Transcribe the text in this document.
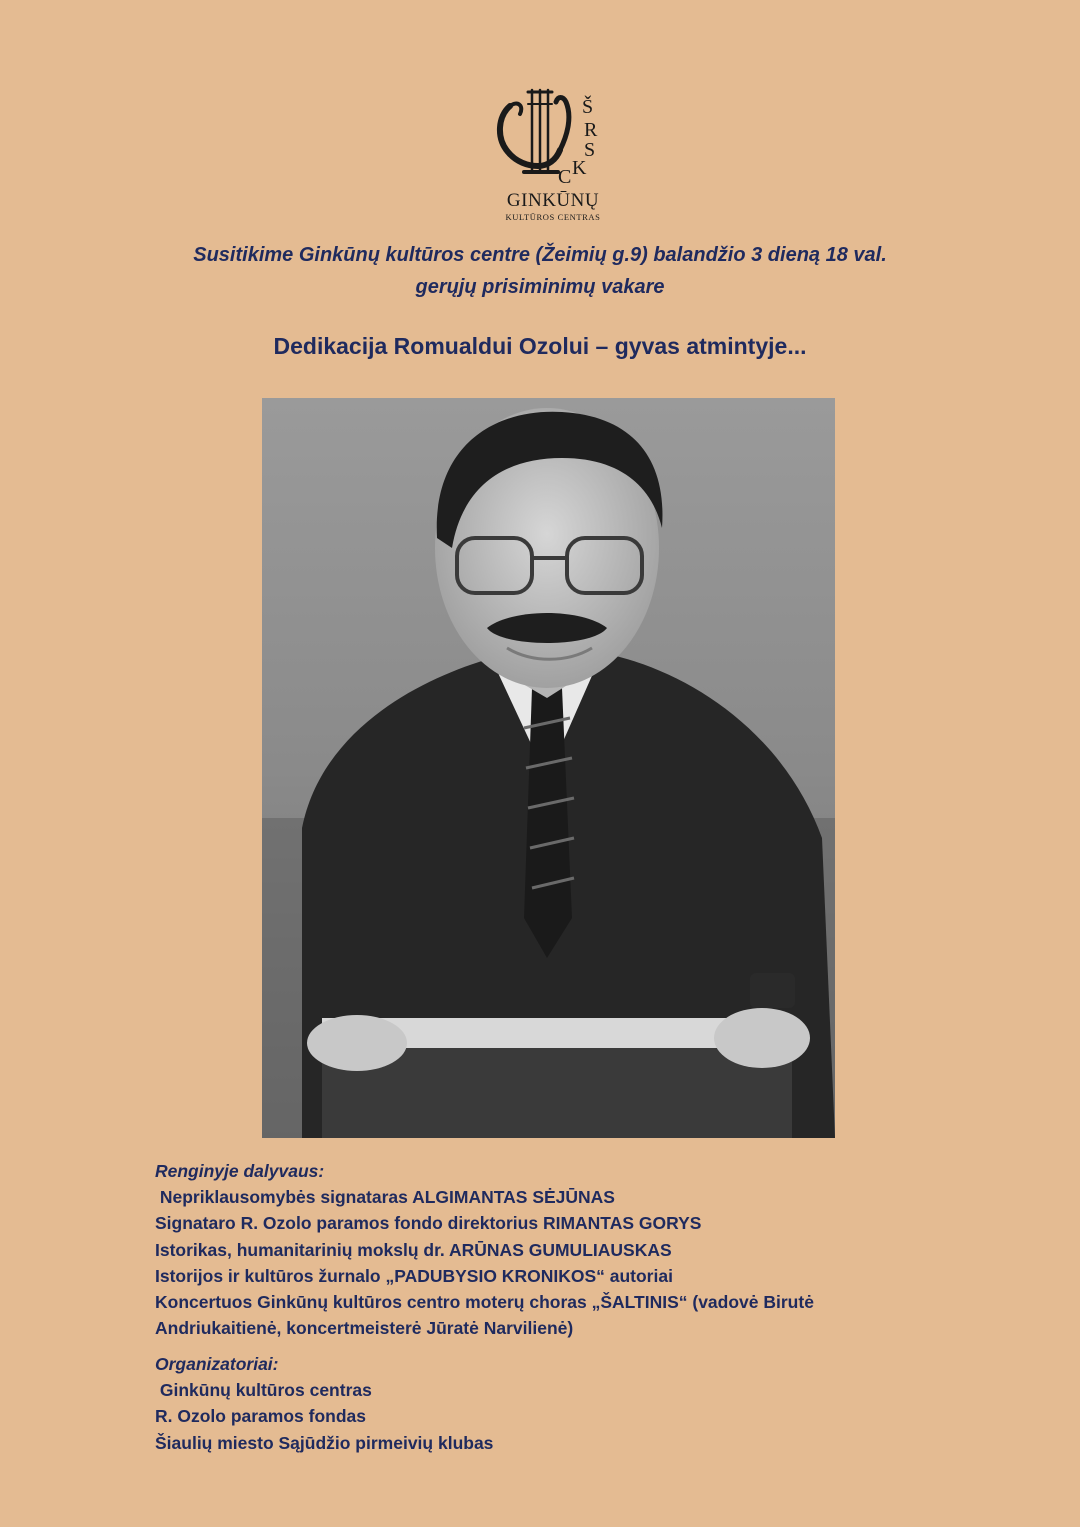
Š
R
S
K
C
GINKŪNŲ
KULTŪROS CENTRAS
Susitikime Ginkūnų kultūros centre (Žeimių g.9) balandžio 3 dieną 18 val.
gerųjų prisiminimų vakare
Dedikacija Romualdui Ozolui – gyvas atmintyje...
Renginyje dalyvaus:
Nepriklausomybės signataras ALGIMANTAS SĖJŪNAS
Signataro R. Ozolo paramos fondo direktorius RIMANTAS GORYS
Istorikas, humanitarinių mokslų dr. ARŪNAS GUMULIAUSKAS
Istorijos ir kultūros žurnalo „PADUBYSIO KRONIKOS“ autoriai
Koncertuos Ginkūnų kultūros centro moterų choras „ŠALTINIS“ (vadovė Birutė
Andriukaitienė, koncertmeisterė Jūratė Narvilienė)
Organizatoriai:
Ginkūnų kultūros centras
R. Ozolo paramos fondas
Šiaulių miesto Sąjūdžio pirmeivių klubas
